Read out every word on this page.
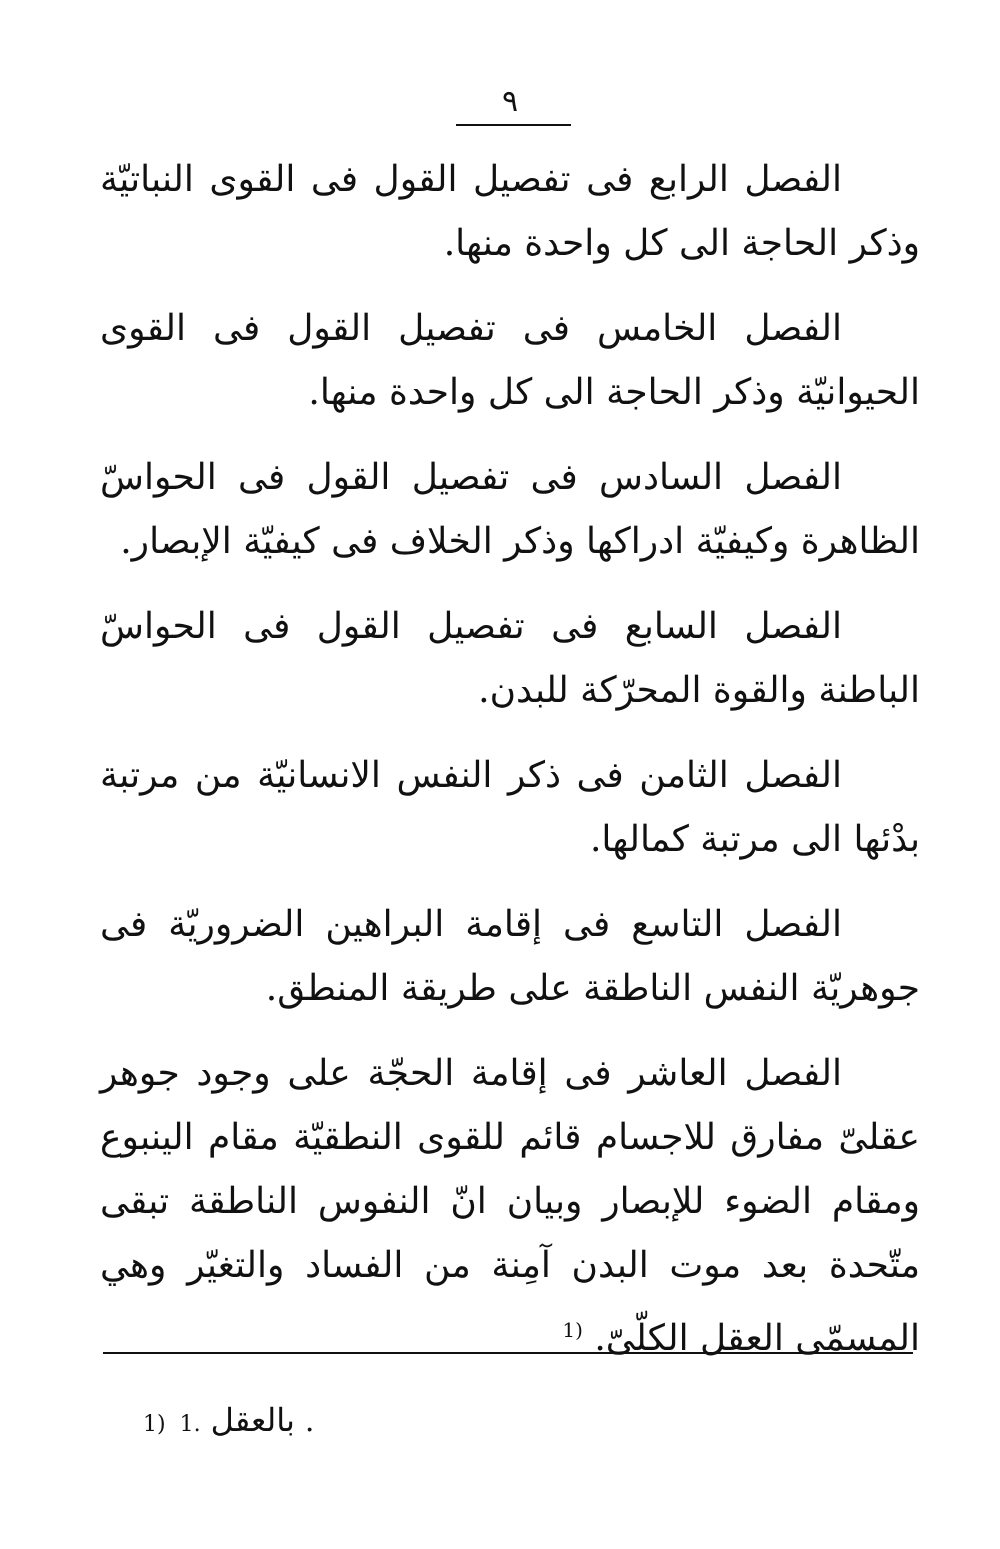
٩

الفصل الرابع فى تفصيل القول فى القوى النباتيّة وذكر الحاجة الى كل واحدة منها.

الفصل الخامس فى تفصيل القول فى القوى الحيوانيّة وذكر الحاجة الى كل واحدة منها.

الفصل السادس فى تفصيل القول فى الحواسّ الظاهرة وكيفيّة ادراكها وذكر الخلاف فى كيفيّة الإبصار.

الفصل السابع فى تفصيل القول فى الحواسّ الباطنة والقوة المحرّكة للبدن.

الفصل الثامن فى ذكر النفس الانسانيّة من مرتبة بدْئها الى مرتبة كمالها.

الفصل التاسع فى إقامة البراهين الضروريّة فى جوهريّة النفس الناطقة على طريقة المنطق.

الفصل العاشر فى إقامة الحجّة على وجود جوهر عقلىّ مفارق للاجسام قائم للقوى النطقيّة مقام الينبوع ومقام الضوء للإبصار وبيان انّ النفوس الناطقة تبقى متّحدة بعد موت البدن آمِنة من الفساد والتغيّر وهي المسمّى العقل الكلّىّ. $^{(1}$

1) 1. بالعقل .
